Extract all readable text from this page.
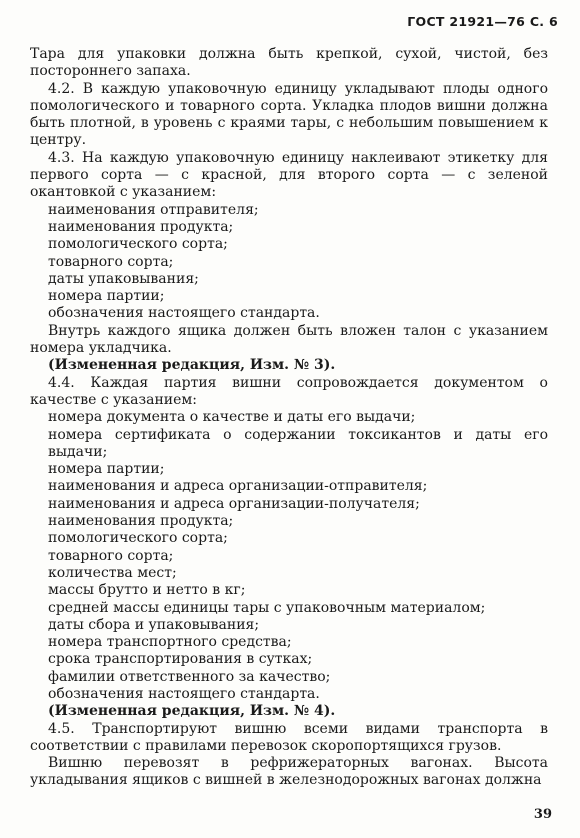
ГОСТ 21921—76 С. 6

Тара для упаковки должна быть крепкой, сухой, чистой, без постороннего запаха.

4.2. В каждую упаковочную единицу укладывают плоды одного помологического и товарного сорта. Укладка плодов вишни должна быть плотной, в уровень с краями тары, с небольшим повышением к центру.

4.3. На каждую упаковочную единицу наклеивают этикетку для первого сорта — с красной, для второго сорта — с зеленой окантовкой с указанием:

наименования отправителя;

наименования продукта;

помологического сорта;

товарного сорта;

даты упаковывания;

номера партии;

обозначения настоящего стандарта.

Внутрь каждого ящика должен быть вложен талон с указанием номера укладчика.

(Измененная редакция, Изм. № 3).

4.4. Каждая партия вишни сопровождается документом о качестве с указанием:

номера документа о качестве и даты его выдачи;

номера сертификата о содержании токсикантов и даты его выдачи;

номера партии;

наименования и адреса организации-отправителя;

наименования и адреса организации-получателя;

наименования продукта;

помологического сорта;

товарного сорта;

количества мест;

массы брутто и нетто в кг;

средней массы единицы тары с упаковочным материалом;

даты сбора и упаковывания;

номера транспортного средства;

срока транспортирования в сутках;

фамилии ответственного за качество;

обозначения настоящего стандарта.

(Измененная редакция, Изм. № 4).

4.5. Транспортируют вишню всеми видами транспорта в соответствии с правилами перевозок скоропортящихся грузов.

Вишню перевозят в рефрижераторных вагонах. Высота укладывания ящиков с вишней в железнодорожных вагонах должна

39
